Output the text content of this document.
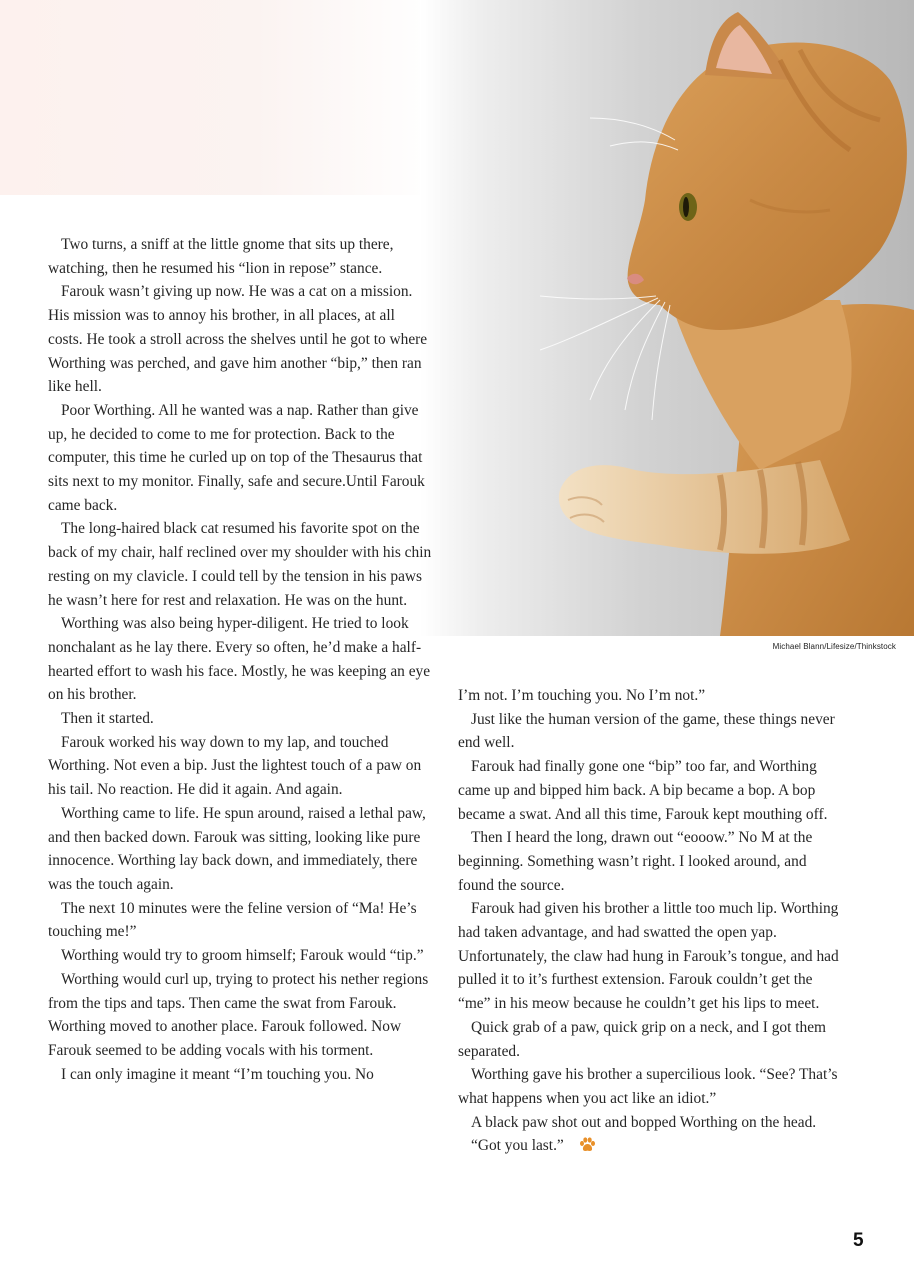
Michael Blann/Lifesize/Thinkstock

Two turns, a sniff at the little gnome that sits up there, watching, then he resumed his “lion in repose” stance.

Farouk wasn’t giving up now. He was a cat on a mission. His mission was to annoy his brother, in all places, at all costs. He took a stroll across the shelves until he got to where Worthing was perched, and gave him another “bip,” then ran like hell.

Poor Worthing. All he wanted was a nap. Rather than give up, he decided to come to me for protection. Back to the computer, this time he curled up on top of the Thesaurus that sits next to my monitor. Finally, safe and secure.Until Farouk came back.

The long-haired black cat resumed his favorite spot on the back of my chair, half reclined over my shoulder with his chin resting on my clavicle. I could tell by the tension in his paws he wasn’t here for rest and relaxation. He was on the hunt.

Worthing was also being hyper-diligent. He tried to look nonchalant as he lay there. Every so often, he’d make a half-hearted effort to wash his face. Mostly, he was keeping an eye on his brother.

Then it started.

Farouk worked his way down to my lap, and touched Worthing. Not even a bip. Just the lightest touch of a paw on his tail. No reaction. He did it again. And again.

Worthing came to life. He spun around, raised a lethal paw, and then backed down. Farouk was sitting, looking like pure innocence. Worthing lay back down, and immediately, there was the touch again.

The next 10 minutes were the feline version of “Ma! He’s touching me!”

Worthing would try to groom himself; Farouk would “tip.”

Worthing would curl up, trying to protect his nether regions from the tips and taps. Then came the swat from Farouk. Worthing moved to another place. Farouk followed. Now Farouk seemed to be adding vocals with his torment.

I can only imagine it meant “I’m touching you. No

I’m not. I’m touching you. No I’m not.”

Just like the human version of the game, these things never end well.

Farouk had finally gone one “bip” too far, and Worthing came up and bipped him back. A bip became a bop. A bop became a swat. And all this time, Farouk kept mouthing off.

Then I heard the long, drawn out “eooow.” No M at the beginning. Something wasn’t right. I looked around, and found the source.

Farouk had given his brother a little too much lip. Worthing had taken advantage, and had swatted the open yap. Unfortunately, the claw had hung in Farouk’s tongue, and had pulled it to it’s furthest extension. Farouk couldn’t get the “me” in his meow because he couldn’t get his lips to meet.

Quick grab of a paw, quick grip on a neck, and I got them separated.

Worthing gave his brother a supercilious look. “See? That’s what happens when you act like an idiot.”

A black paw shot out and bopped Worthing on the head.

“Got you last.”

5
